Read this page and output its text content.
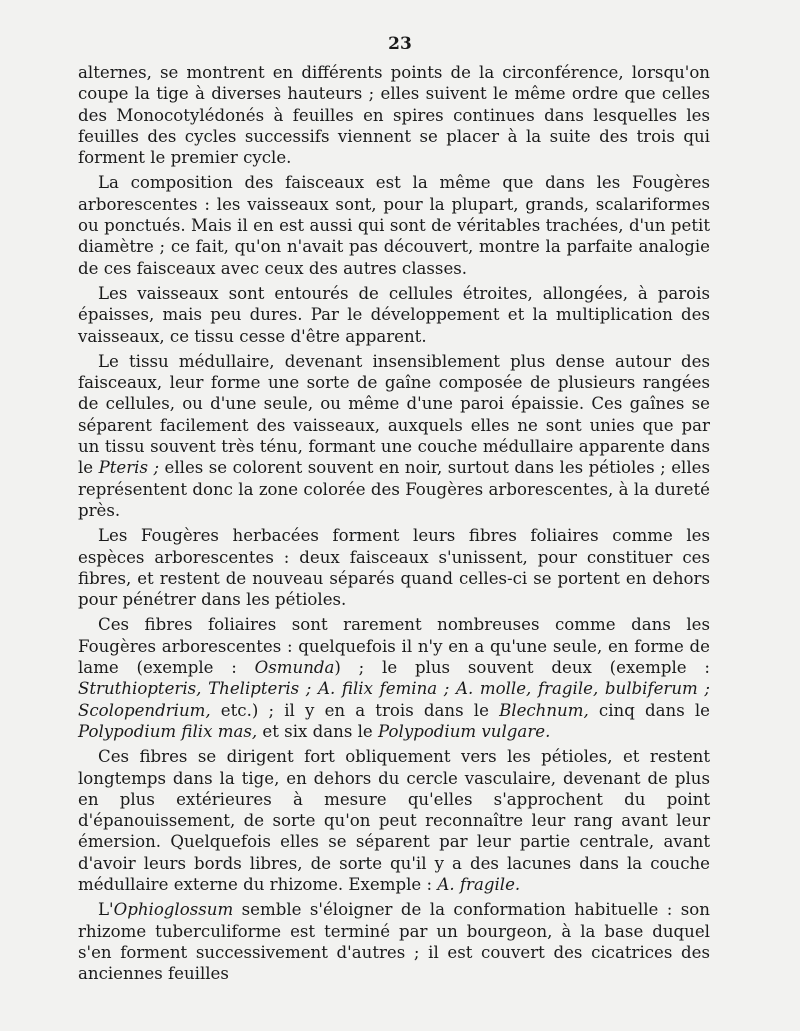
23

alternes, se montrent en différents points de la circonférence, lorsqu'on coupe la tige à diverses hauteurs ; elles suivent le même ordre que celles des Monocotylédonés à feuilles en spires continues dans lesquelles les feuilles des cycles successifs viennent se placer à la suite des trois qui forment le premier cycle.

La composition des faisceaux est la même que dans les Fougères arborescentes : les vaisseaux sont, pour la plupart, grands, scalariformes ou ponctués. Mais il en est aussi qui sont de véritables trachées, d'un petit diamètre ; ce fait, qu'on n'avait pas découvert, montre la parfaite analogie de ces faisceaux avec ceux des autres classes.

Les vaisseaux sont entourés de cellules étroites, allongées, à parois épaisses, mais peu dures. Par le développement et la multiplication des vaisseaux, ce tissu cesse d'être apparent.

Le tissu médullaire, devenant insensiblement plus dense autour des faisceaux, leur forme une sorte de gaîne composée de plusieurs rangées de cellules, ou d'une seule, ou même d'une paroi épaissie. Ces gaînes se séparent facilement des vaisseaux, auxquels elles ne sont unies que par un tissu souvent très ténu, formant une couche médullaire apparente dans le Pteris ; elles se colorent souvent en noir, surtout dans les pétioles ; elles représentent donc la zone colorée des Fougères arborescentes, à la dureté près.

Les Fougères herbacées forment leurs fibres foliaires comme les espèces arborescentes : deux faisceaux s'unissent, pour constituer ces fibres, et restent de nouveau séparés quand celles-ci se portent en dehors pour pénétrer dans les pétioles.

Ces fibres foliaires sont rarement nombreuses comme dans les Fougères arborescentes : quelquefois il n'y en a qu'une seule, en forme de lame (exemple : Osmunda) ; le plus souvent deux (exemple : Struthiopteris, Thelipteris ; A. filix femina ; A. molle, fragile, bulbiferum ; Scolopendrium, etc.) ; il y en a trois dans le Blechnum, cinq dans le Polypodium filix mas, et six dans le Polypodium vulgare.

Ces fibres se dirigent fort obliquement vers les pétioles, et restent longtemps dans la tige, en dehors du cercle vasculaire, devenant de plus en plus extérieures à mesure qu'elles s'approchent du point d'épanouissement, de sorte qu'on peut reconnaître leur rang avant leur émersion. Quelquefois elles se séparent par leur partie centrale, avant d'avoir leurs bords libres, de sorte qu'il y a des lacunes dans la couche médullaire externe du rhizome. Exemple : A. fragile.

L'Ophioglossum semble s'éloigner de la conformation habituelle : son rhizome tuberculiforme est terminé par un bourgeon, à la base duquel s'en forment successivement d'autres ; il est couvert des cicatrices des anciennes feuilles
